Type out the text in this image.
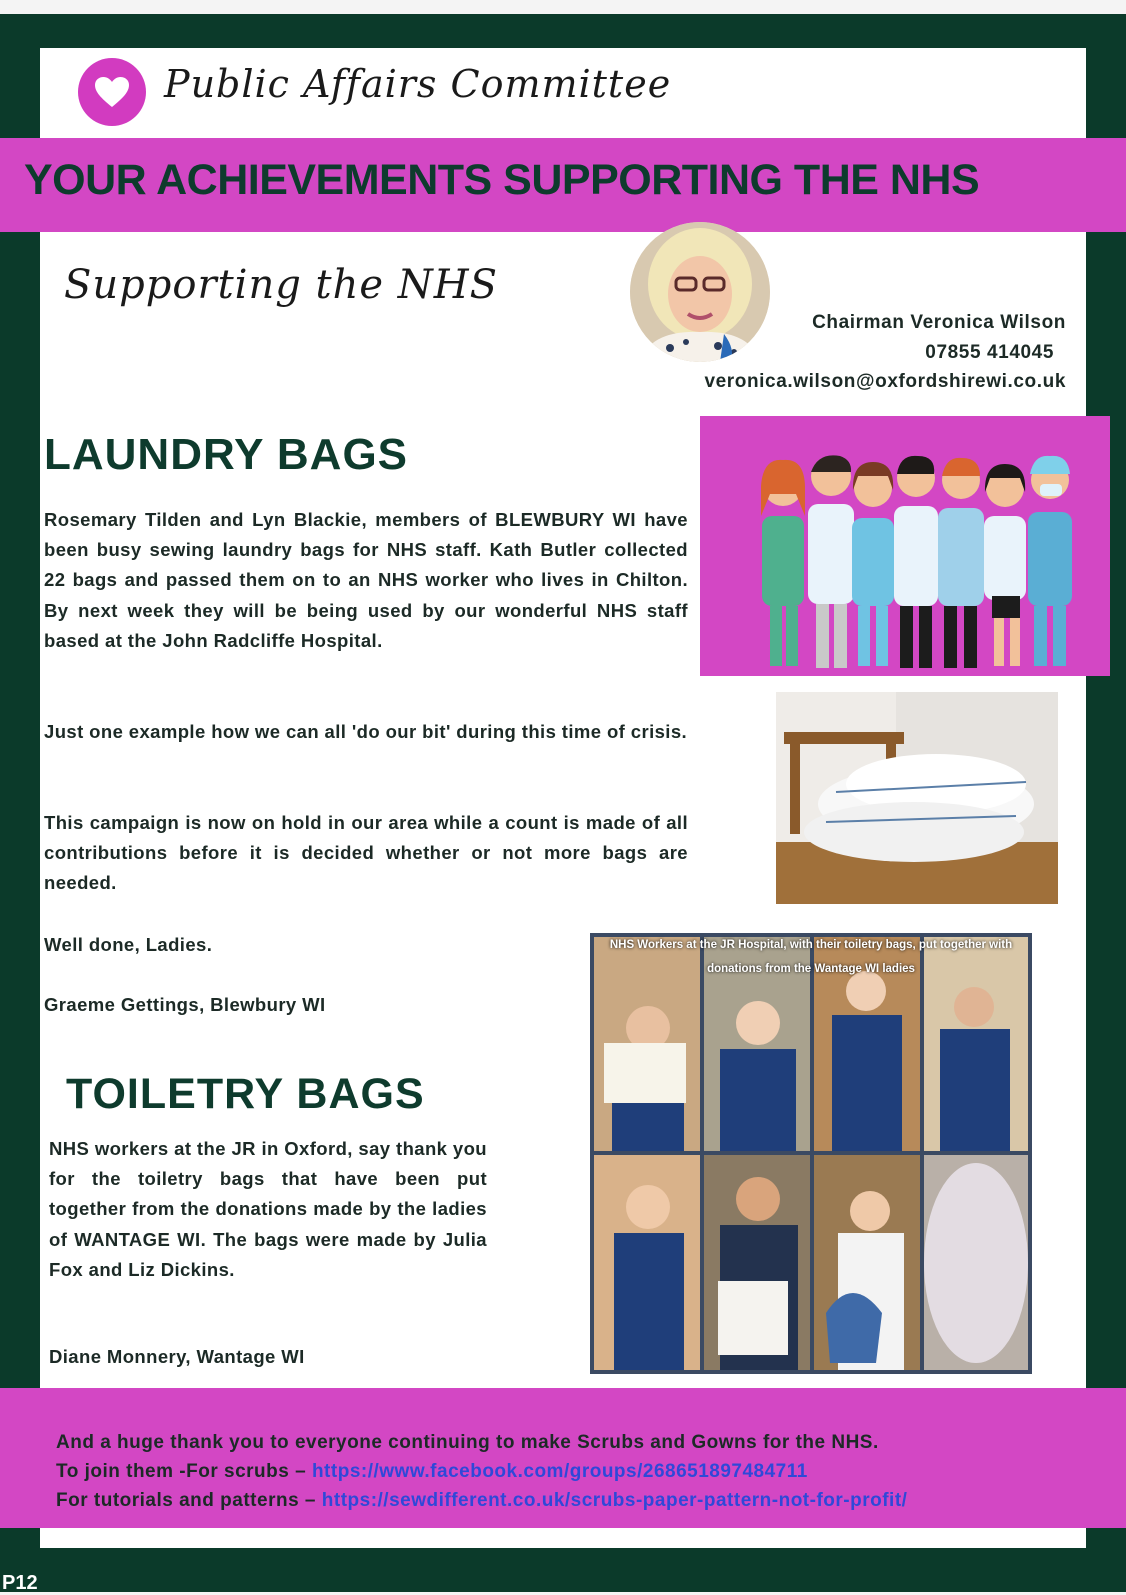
Public Affairs Committee
YOUR ACHIEVEMENTS SUPPORTING THE NHS
Supporting the NHS
Chairman Veronica Wilson
07855 414045
veronica.wilson@oxfordshirewi.co.uk
LAUNDRY BAGS

Rosemary Tilden and Lyn Blackie, members of BLEWBURY WI have been busy sewing laundry bags for NHS staff. Kath Butler collected 22 bags and passed them on to an NHS worker who lives in Chilton. By next week they will be being used by our wonderful NHS staff based at the John Radcliffe Hospital.

Just one example how we can all 'do our bit' during this time of crisis.

This campaign is now on hold in our area while a count is made of all contributions before it is decided whether or not more bags are needed.

Well done, Ladies.

Graeme Gettings, Blewbury WI

TOILETRY BAGS

NHS workers at the JR in Oxford, say thank you for the toiletry bags that have been put together from the donations made by the ladies of WANTAGE WI. The bags were made by Julia Fox and Liz Dickins.

Diane Monnery, Wantage WI

NHS Workers at the JR Hospital, with their toiletry bags, put together with donations from the Wantage WI ladies
And a huge thank you to everyone continuing to make Scrubs and Gowns for the NHS.
To join them -For scrubs – https://www.facebook.com/groups/268651897484711
For tutorials and patterns – https://sewdifferent.co.uk/scrubs-paper-pattern-not-for-profit/
P12
